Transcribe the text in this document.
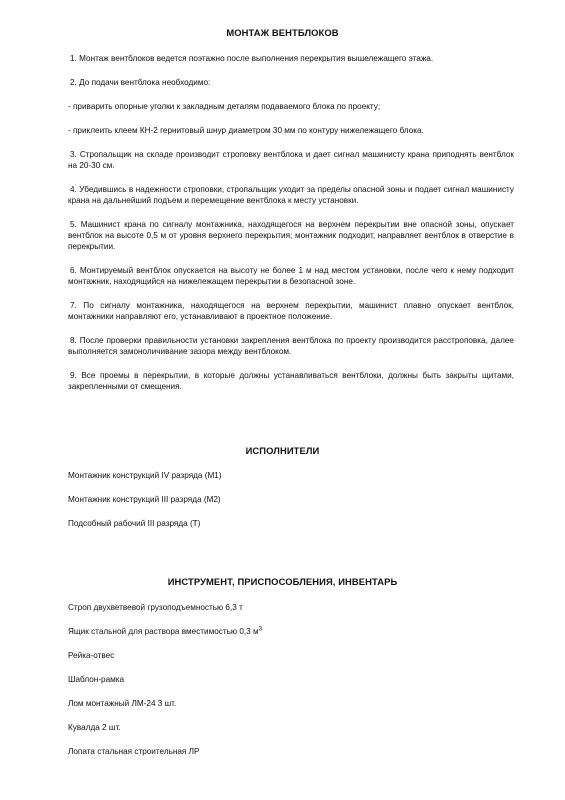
МОНТАЖ ВЕНТБЛОКОВ

1. Монтаж вентблоков ведется поэтажно после выполнения перекрытия вышележащего этажа.

2. До подачи вентблока необходимо:

- приварить опорные уголки к закладным деталям подаваемого блока по проекту;

- приклеить клеем КН-2 гернитовый шнур диаметром 30 мм по контуру нижележащего блока.

3. Стропальщик на складе производит строповку вентблока и дает сигнал машинисту крана приподнять вентблок на 20-30 см.

4. Убедившись в надежности строповки, стропальщик уходит за пределы опасной зоны и подает сигнал машинисту крана на дальнейший подъем и перемещение вентблока к месту установки.

5. Машинист крана по сигналу монтажника, находящегося на верхнем перекрытии вне опасной зоны, опускает вентблок на высоте 0,5 м от уровня верхнего перекрытия; монтажник подходит, направляет вентблок в отверстие в перекрытии.

6. Монтируемый вентблок опускается на высоту не более 1 м над местом установки, после чего к нему подходит монтажник, находящийся на нижележащем перекрытии в безопасной зоне.

7. По сигналу монтажника, находящегося на верхнем перекрытии, машинист плавно опускает вентблок, монтажники направляют его, устанавливают в проектное положение.

8. После проверки правильности установки закрепления вентблока по проекту производится расстроповка, далее выполняется замоноличивание зазора между вентблоком.

9. Все проемы в перекрытии, в которые должны устанавливаться вентблоки, должны быть закрыты щитами, закрепленными от смещения.

ИСПОЛНИТЕЛИ

Монтажник конструкций IV разряда (М1)

Монтажник конструкций III разряда (М2)

Подсобный рабочий III разряда (Т)

ИНСТРУМЕНТ, ПРИСПОСОБЛЕНИЯ, ИНВЕНТАРЬ

Строп двухветвевой грузоподъемностью 6,3 т

Ящик стальной для раствора вместимостью 0,3 $м^3$

Рейка-отвес

Шаблон-рамка

Лом монтажный ЛМ-24 3 шт.

Кувалда 2 шт.

Лопата стальная строительная ЛР
